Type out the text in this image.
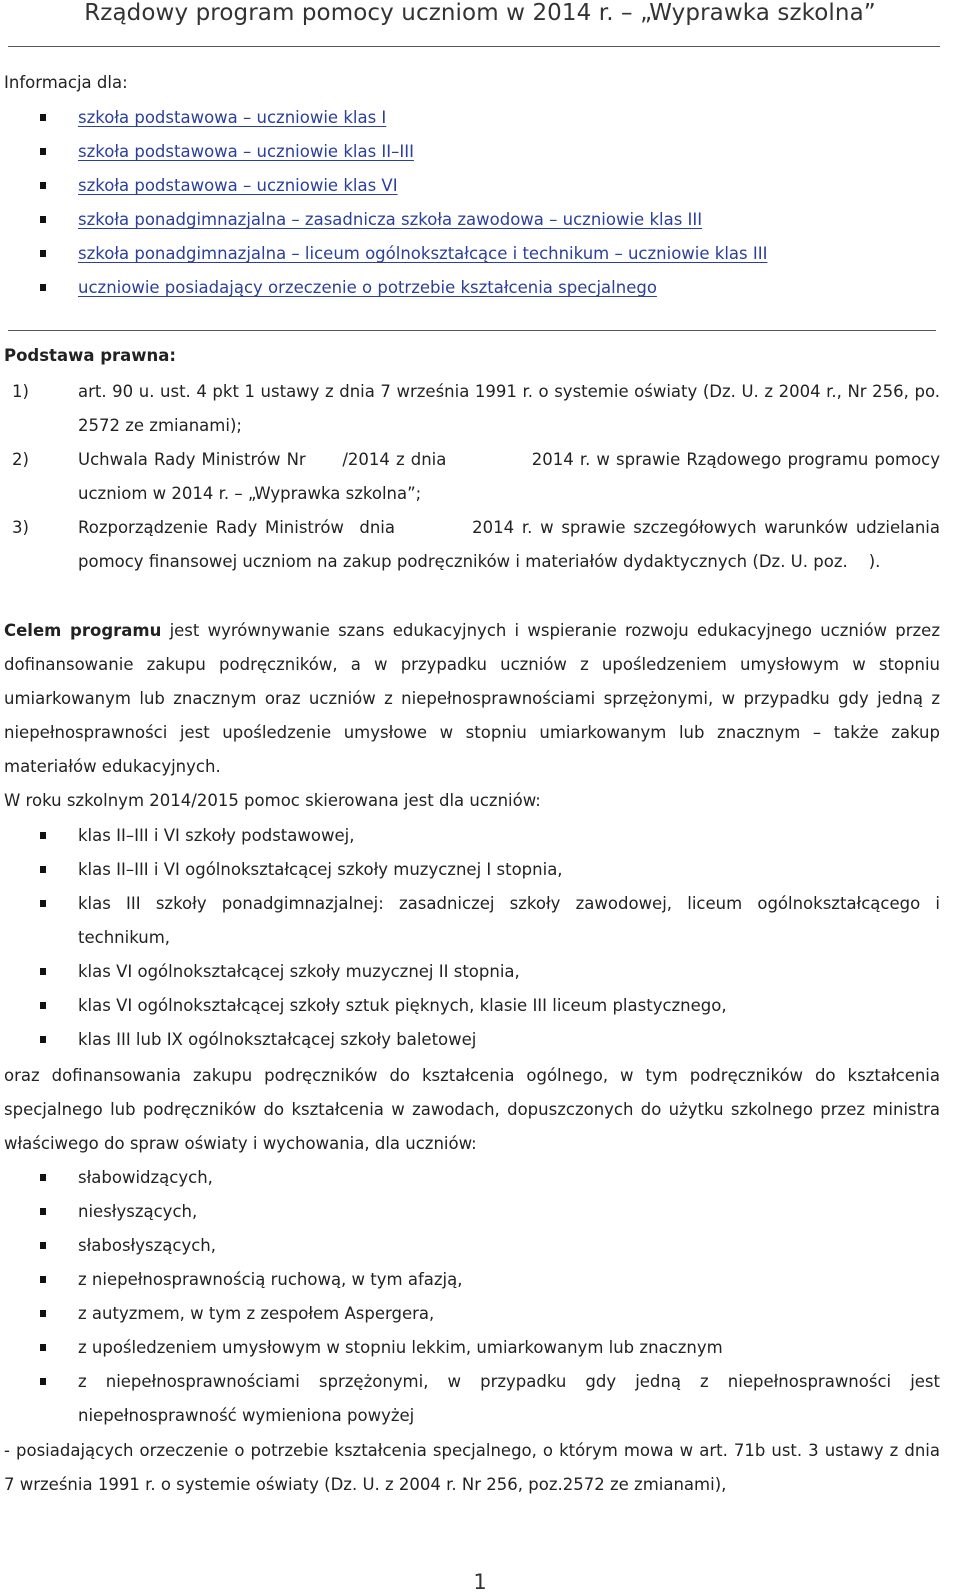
Rządowy program pomocy uczniom w 2014 r. – „Wyprawka szkolna”
Informacja dla:
szkoła podstawowa – uczniowie klas I
szkoła podstawowa – uczniowie klas II–III
szkoła podstawowa – uczniowie klas VI
szkoła ponadgimnazjalna – zasadnicza szkoła zawodowa – uczniowie klas III
szkoła ponadgimnazjalna – liceum ogólnokształcące i technikum – uczniowie klas III
uczniowie posiadający orzeczenie o potrzebie kształcenia specjalnego
Podstawa prawna:
1)	art. 90 u. ust. 4 pkt 1 ustawy z dnia 7 września 1991 r. o systemie oświaty (Dz. U. z 2004 r., Nr 256, po. 2572 ze zmianami);
2)	Uchwala Rady Ministrów Nr      /2014 z dnia              2014 r. w sprawie Rządowego programu pomocy uczniom w 2014 r. – „Wyprawka szkolna”;
3)	Rozporządzenie Rady Ministrów  dnia          2014 r. w sprawie szczegółowych warunków udzielania pomocy finansowej uczniom na zakup podręczników i materiałów dydaktycznych (Dz. U. poz.    ).
Celem programu jest wyrównywanie szans edukacyjnych i wspieranie rozwoju edukacyjnego uczniów przez dofinansowanie zakupu podręczników, a w przypadku uczniów z upośledzeniem umysłowym w stopniu umiarkowanym lub znacznym oraz uczniów z niepełnosprawnościami sprzężonymi, w przypadku gdy jedną z niepełnosprawności jest upośledzenie umysłowe w stopniu umiarkowanym lub znacznym – także zakup materiałów edukacyjnych.
W roku szkolnym 2014/2015 pomoc skierowana jest dla uczniów:
klas II–III i VI szkoły podstawowej,
klas II–III i VI ogólnokształcącej szkoły muzycznej I stopnia,
klas III szkoły ponadgimnazjalnej: zasadniczej szkoły zawodowej, liceum ogólnokształcącego i technikum,
klas VI ogólnokształcącej szkoły muzycznej II stopnia,
klas VI ogólnokształcącej szkoły sztuk pięknych, klasie III liceum plastycznego,
klas III lub IX ogólnokształcącej szkoły baletowej
oraz dofinansowania zakupu podręczników do kształcenia ogólnego, w tym podręczników do kształcenia specjalnego lub podręczników do kształcenia w zawodach, dopuszczonych do użytku szkolnego przez ministra właściwego do spraw oświaty i wychowania, dla uczniów:
słabowidzących,
niesłyszących,
słabosłyszących,
z niepełnosprawnością ruchową, w tym afazją,
z autyzmem, w tym z zespołem Aspergera,
z upośledzeniem umysłowym w stopniu lekkim, umiarkowanym lub znacznym
z niepełnosprawnościami sprzężonymi, w przypadku gdy jedną z niepełnosprawności jest niepełnosprawność wymieniona powyżej
- posiadających orzeczenie o potrzebie kształcenia specjalnego, o którym mowa w art. 71b ust. 3 ustawy z dnia 7 września 1991 r. o systemie oświaty (Dz. U. z 2004 r. Nr 256, poz.2572 ze zmianami),
1
